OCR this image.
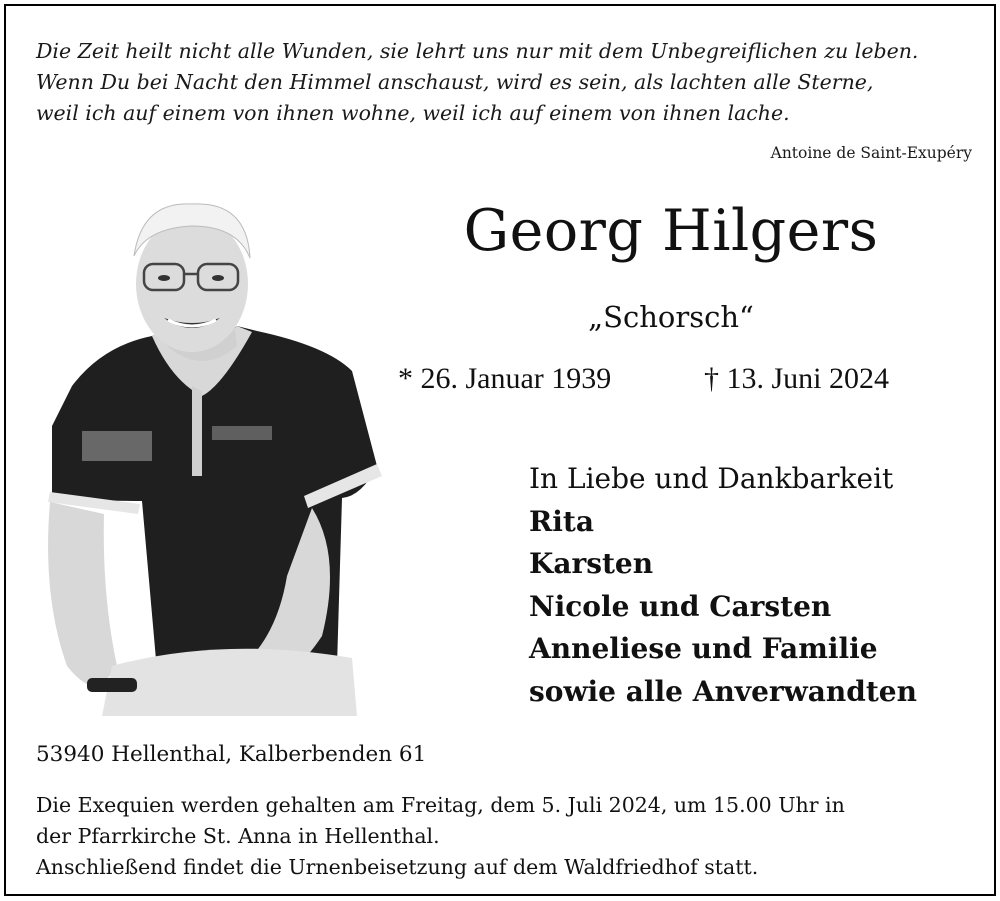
Die Zeit heilt nicht alle Wunden, sie lehrt uns nur mit dem Unbegreiflichen zu leben.
Wenn Du bei Nacht den Himmel anschaust, wird es sein, als lachten alle Sterne,
weil ich auf einem von ihnen wohne, weil ich auf einem von ihnen lache.
Antoine de Saint-Exupéry
Georg Hilgers
„Schorsch“
* 26. Januar 1939	† 13. Juni 2024
In Liebe und Dankbarkeit
Rita
Karsten
Nicole und Carsten
Anneliese und Familie
sowie alle Anverwandten
53940 Hellenthal, Kalberbenden 61
Die Exequien werden gehalten am Freitag, dem 5. Juli 2024, um 15.00 Uhr in
der Pfarrkirche St. Anna in Hellenthal.
Anschließend findet die Urnenbeisetzung auf dem Waldfriedhof statt.
